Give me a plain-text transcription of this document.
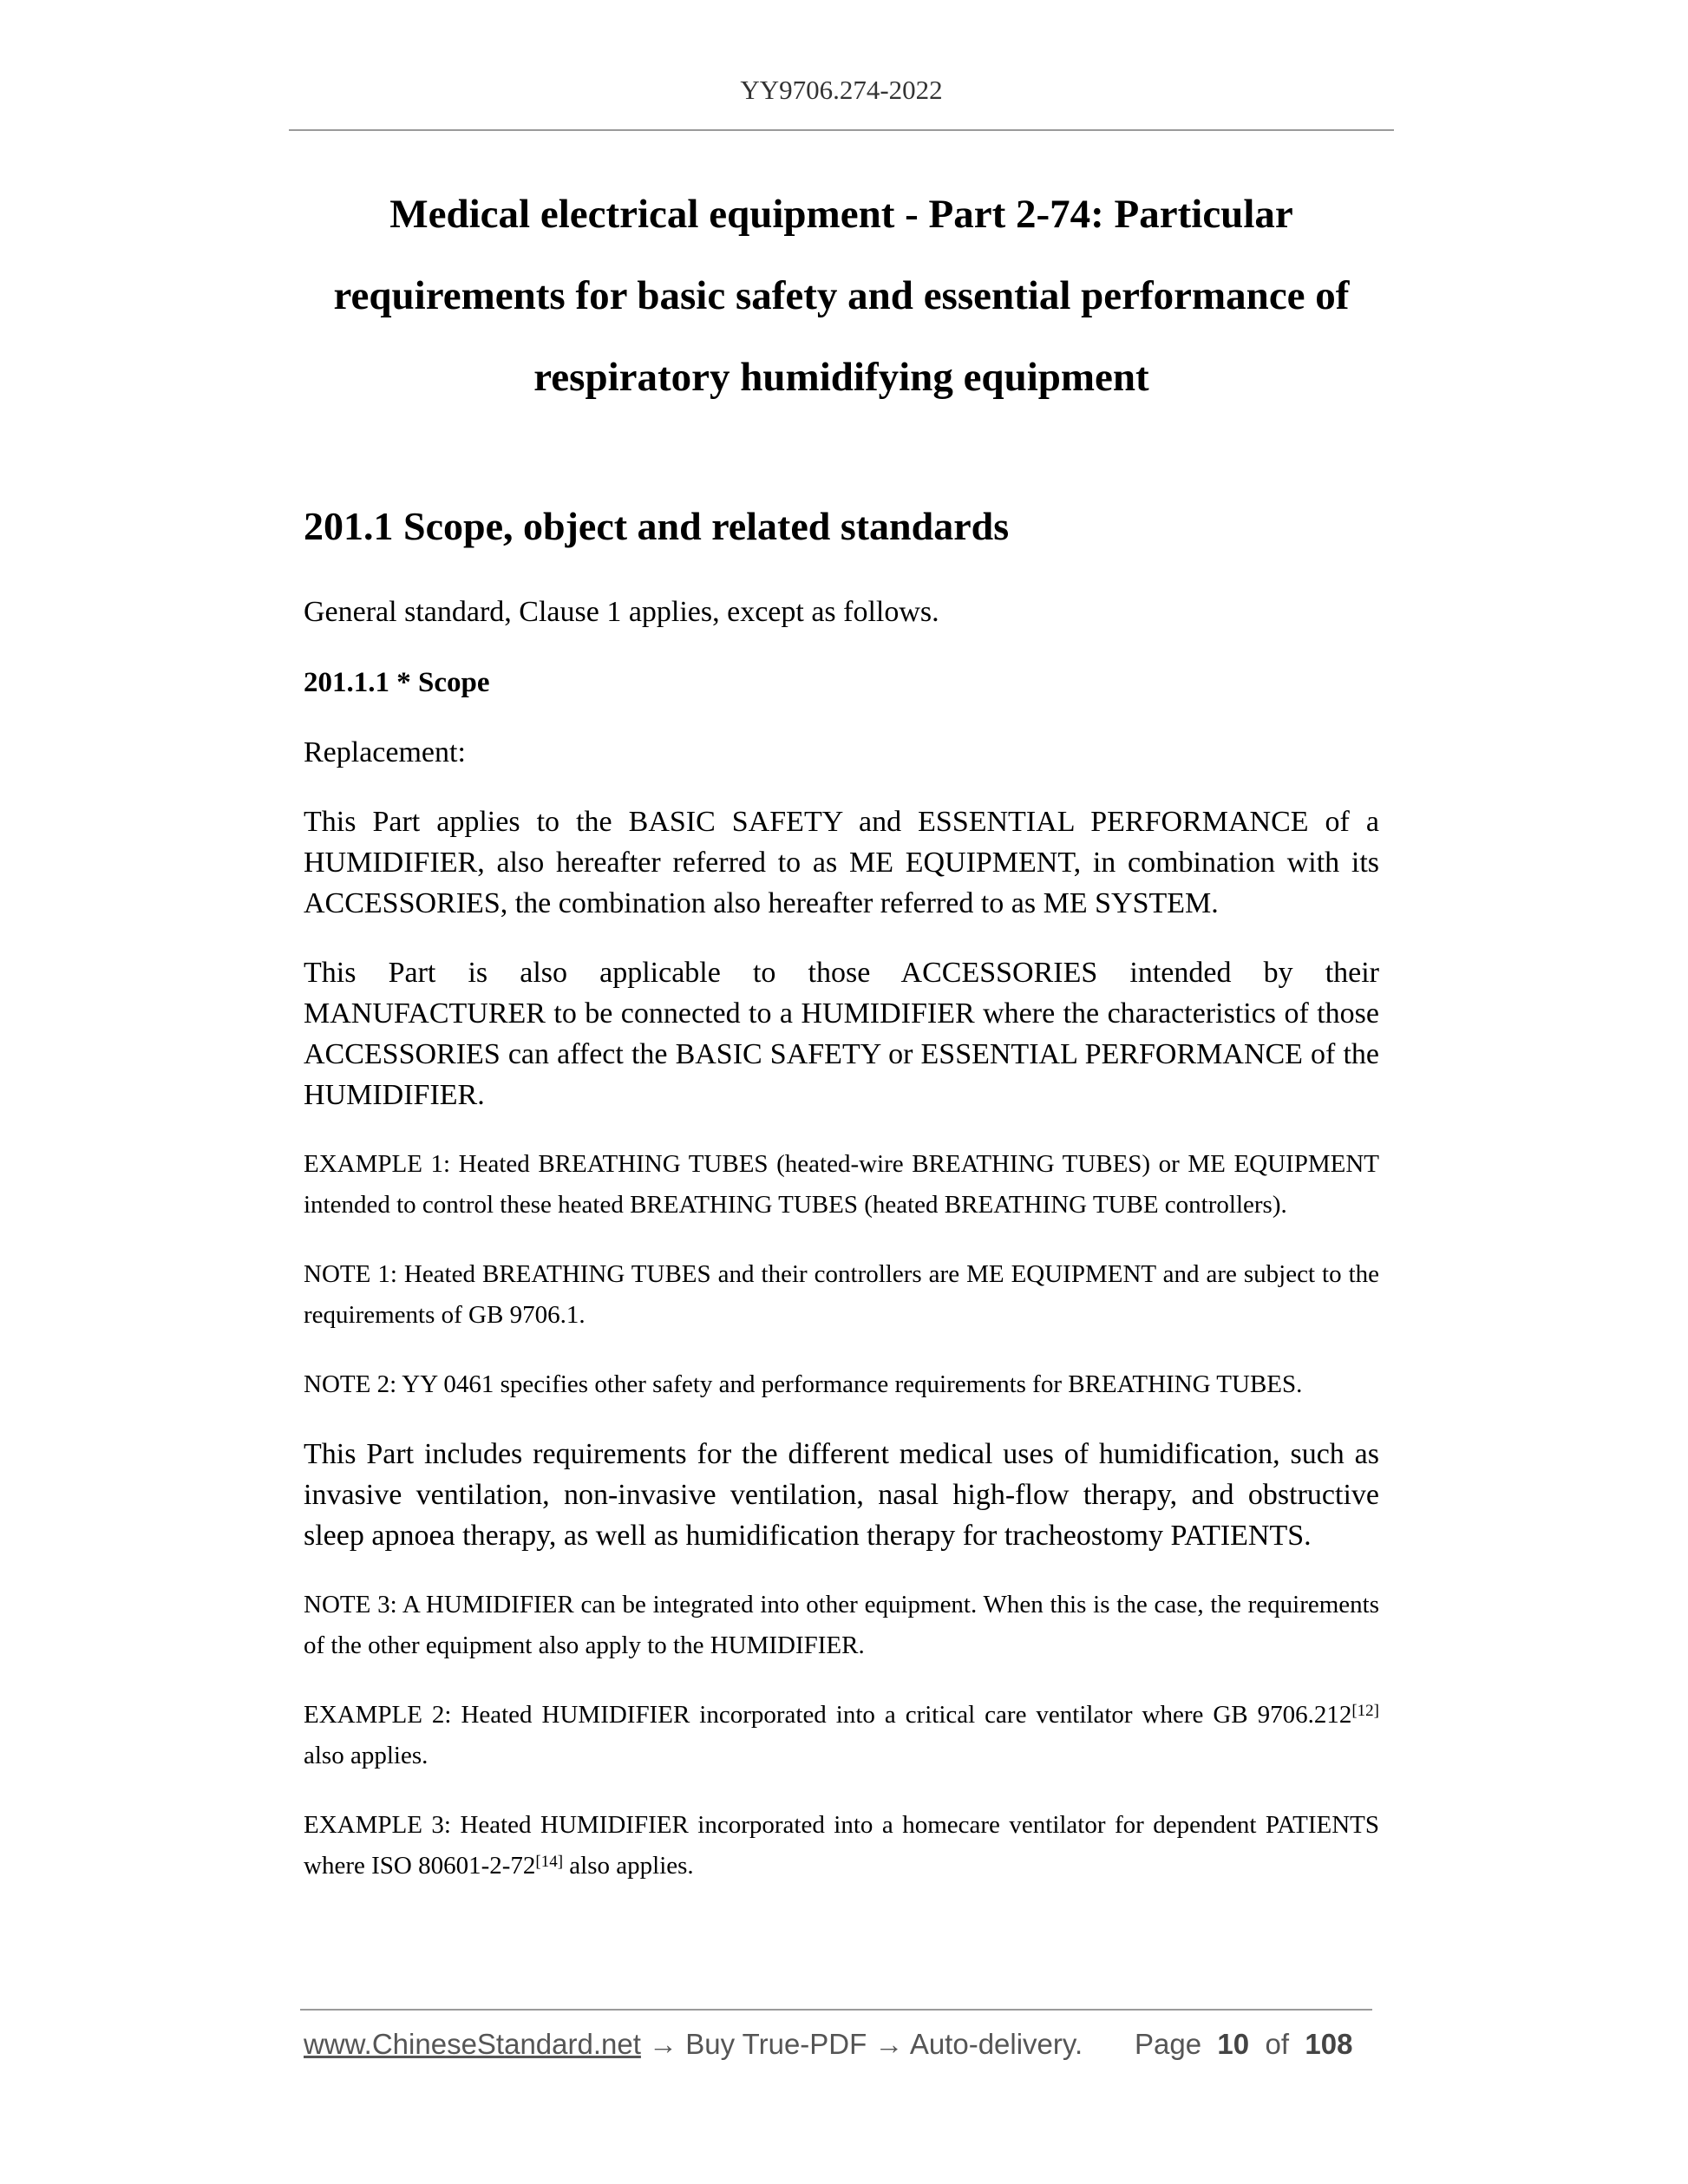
YY9706.274-2022
Medical electrical equipment - Part 2-74: Particular
requirements for basic safety and essential performance of
respiratory humidifying equipment
201.1 Scope, object and related standards

General standard, Clause 1 applies, except as follows.

201.1.1 * Scope

Replacement:

This Part applies to the BASIC SAFETY and ESSENTIAL PERFORMANCE of a HUMIDIFIER, also hereafter referred to as ME EQUIPMENT, in combination with its ACCESSORIES, the combination also hereafter referred to as ME SYSTEM.

This Part is also applicable to those ACCESSORIES intended by their MANUFACTURER to be connected to a HUMIDIFIER where the characteristics of those ACCESSORIES can affect the BASIC SAFETY or ESSENTIAL PERFORMANCE of the HUMIDIFIER.

EXAMPLE 1: Heated BREATHING TUBES (heated-wire BREATHING TUBES) or ME EQUIPMENT intended to control these heated BREATHING TUBES (heated BREATHING TUBE controllers).

NOTE 1: Heated BREATHING TUBES and their controllers are ME EQUIPMENT and are subject to the requirements of GB 9706.1.

NOTE 2: YY 0461 specifies other safety and performance requirements for BREATHING TUBES.

This Part includes requirements for the different medical uses of humidification, such as invasive ventilation, non-invasive ventilation, nasal high-flow therapy, and obstructive sleep apnoea therapy, as well as humidification therapy for tracheostomy PATIENTS.

NOTE 3: A HUMIDIFIER can be integrated into other equipment. When this is the case, the requirements of the other equipment also apply to the HUMIDIFIER.

EXAMPLE 2: Heated HUMIDIFIER incorporated into a critical care ventilator where GB 9706.212[12] also applies.

EXAMPLE 3: Heated HUMIDIFIER incorporated into a homecare ventilator for dependent PATIENTS where ISO 80601-2-72[14] also applies.

www.ChineseStandard.net → Buy True-PDF → Auto-delivery. Page 10 of 108
